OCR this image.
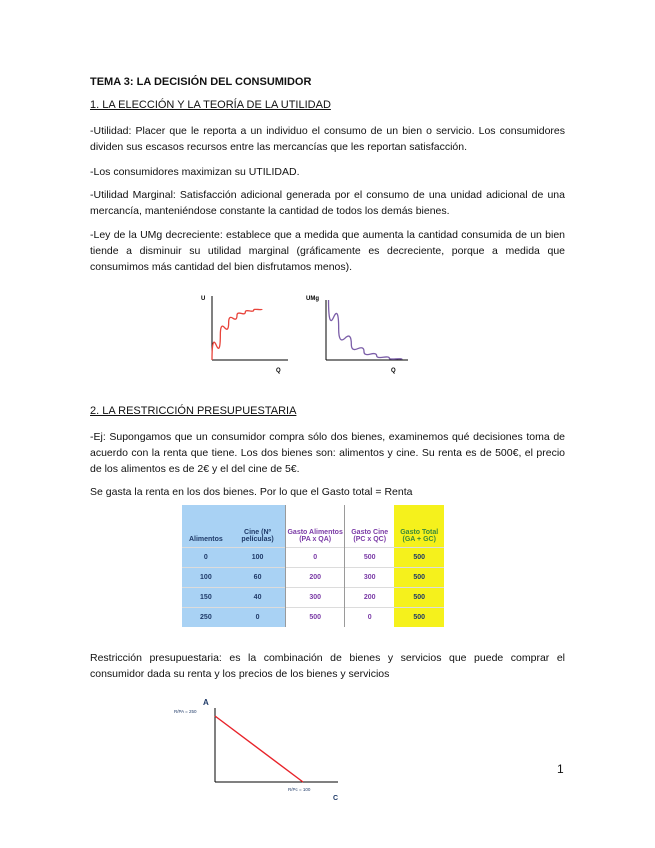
TEMA 3: LA DECISIÓN DEL CONSUMIDOR
1. LA ELECCIÓN Y LA TEORÍA DE LA UTILIDAD
-Utilidad: Placer que le reporta a un individuo el consumo de un bien o servicio. Los consumidores dividen sus escasos recursos entre las mercancías que les reportan satisfacción.
-Los consumidores maximizan su UTILIDAD.
-Utilidad Marginal: Satisfacción adicional generada por el consumo de una unidad adicional de una mercancía, manteniéndose constante la cantidad de todos los demás bienes.
-Ley de la UMg decreciente: establece que a medida que aumenta la cantidad consumida de un bien tiende a disminuir su utilidad marginal (gráficamente es decreciente, porque a medida que consumimos más cantidad del bien disfrutamos menos).
U
Q
UMg
Q
2. LA RESTRICCIÓN PRESUPUESTARIA
-Ej: Supongamos que un consumidor compra sólo dos bienes, examinemos qué decisiones toma de acuerdo con la renta que tiene. Los dos bienes son: alimentos y cine. Su renta es de 500€, el precio de los alimentos es de 2€ y el del cine de 5€.
Se gasta la renta en los dos bienes. Por lo que el Gasto total = Renta
Alimentos	Cine (Nº películas)	Gasto Alimentos (PA x QA)	Gasto Cine (PC x QC)	Gasto Total (GA + GC)
0	100	0	500	500
100	60	200	300	500
150	40	300	200	500
250	0	500	0	500
Restricción presupuestaria: es la combinación de bienes y servicios que puede comprar el consumidor dada su renta y los precios de los bienes y servicios
A
C
R/PA = 250
R/Pc = 100
1
